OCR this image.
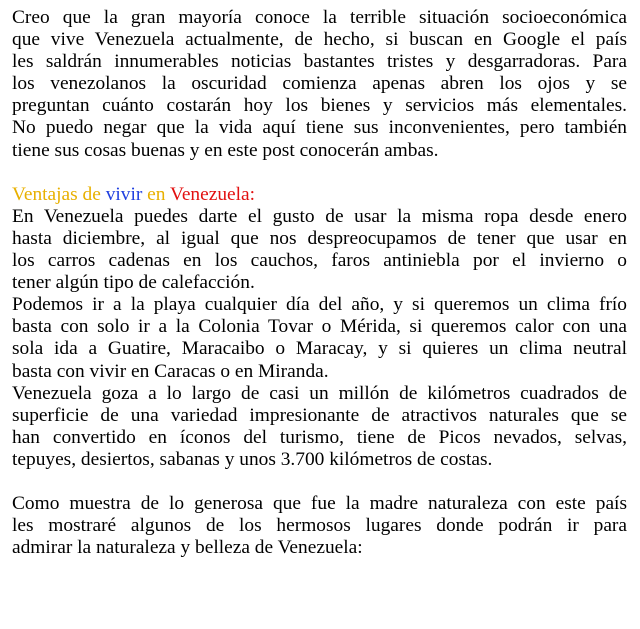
Creo que la gran mayoría conoce la terrible situación socioeconómica

que vive Venezuela actualmente, de hecho, si buscan en Google el país

les saldrán innumerables noticias bastantes tristes y desgarradoras. Para

los venezolanos la oscuridad comienza apenas abren los ojos y se

preguntan cuánto costarán hoy los bienes y servicios más elementales.

No puedo negar que la vida aquí tiene sus inconvenientes, pero también

tiene sus cosas buenas y en este post conocerán ambas.

Ventajas de vivir en Venezuela:

En Venezuela puedes darte el gusto de usar la misma ropa desde enero

hasta diciembre, al igual que nos despreocupamos de tener que usar en

los carros cadenas en los cauchos, faros antiniebla por el invierno o

tener algún tipo de calefacción.

Podemos ir a la playa cualquier día del año, y si queremos un clima frío

basta con solo ir a la Colonia Tovar o Mérida, si queremos calor con una

sola ida a Guatire, Maracaibo o Maracay, y si quieres un clima neutral

basta con vivir en Caracas o en Miranda.

Venezuela goza a lo largo de casi un millón de kilómetros cuadrados de

superficie de una variedad impresionante de atractivos naturales que se

han convertido en íconos del turismo, tiene de Picos nevados, selvas,

tepuyes, desiertos, sabanas y unos 3.700 kilómetros de costas.

Como muestra de lo generosa que fue la madre naturaleza con este país

les mostraré algunos de los hermosos lugares donde podrán ir para

admirar la naturaleza y belleza de Venezuela:
